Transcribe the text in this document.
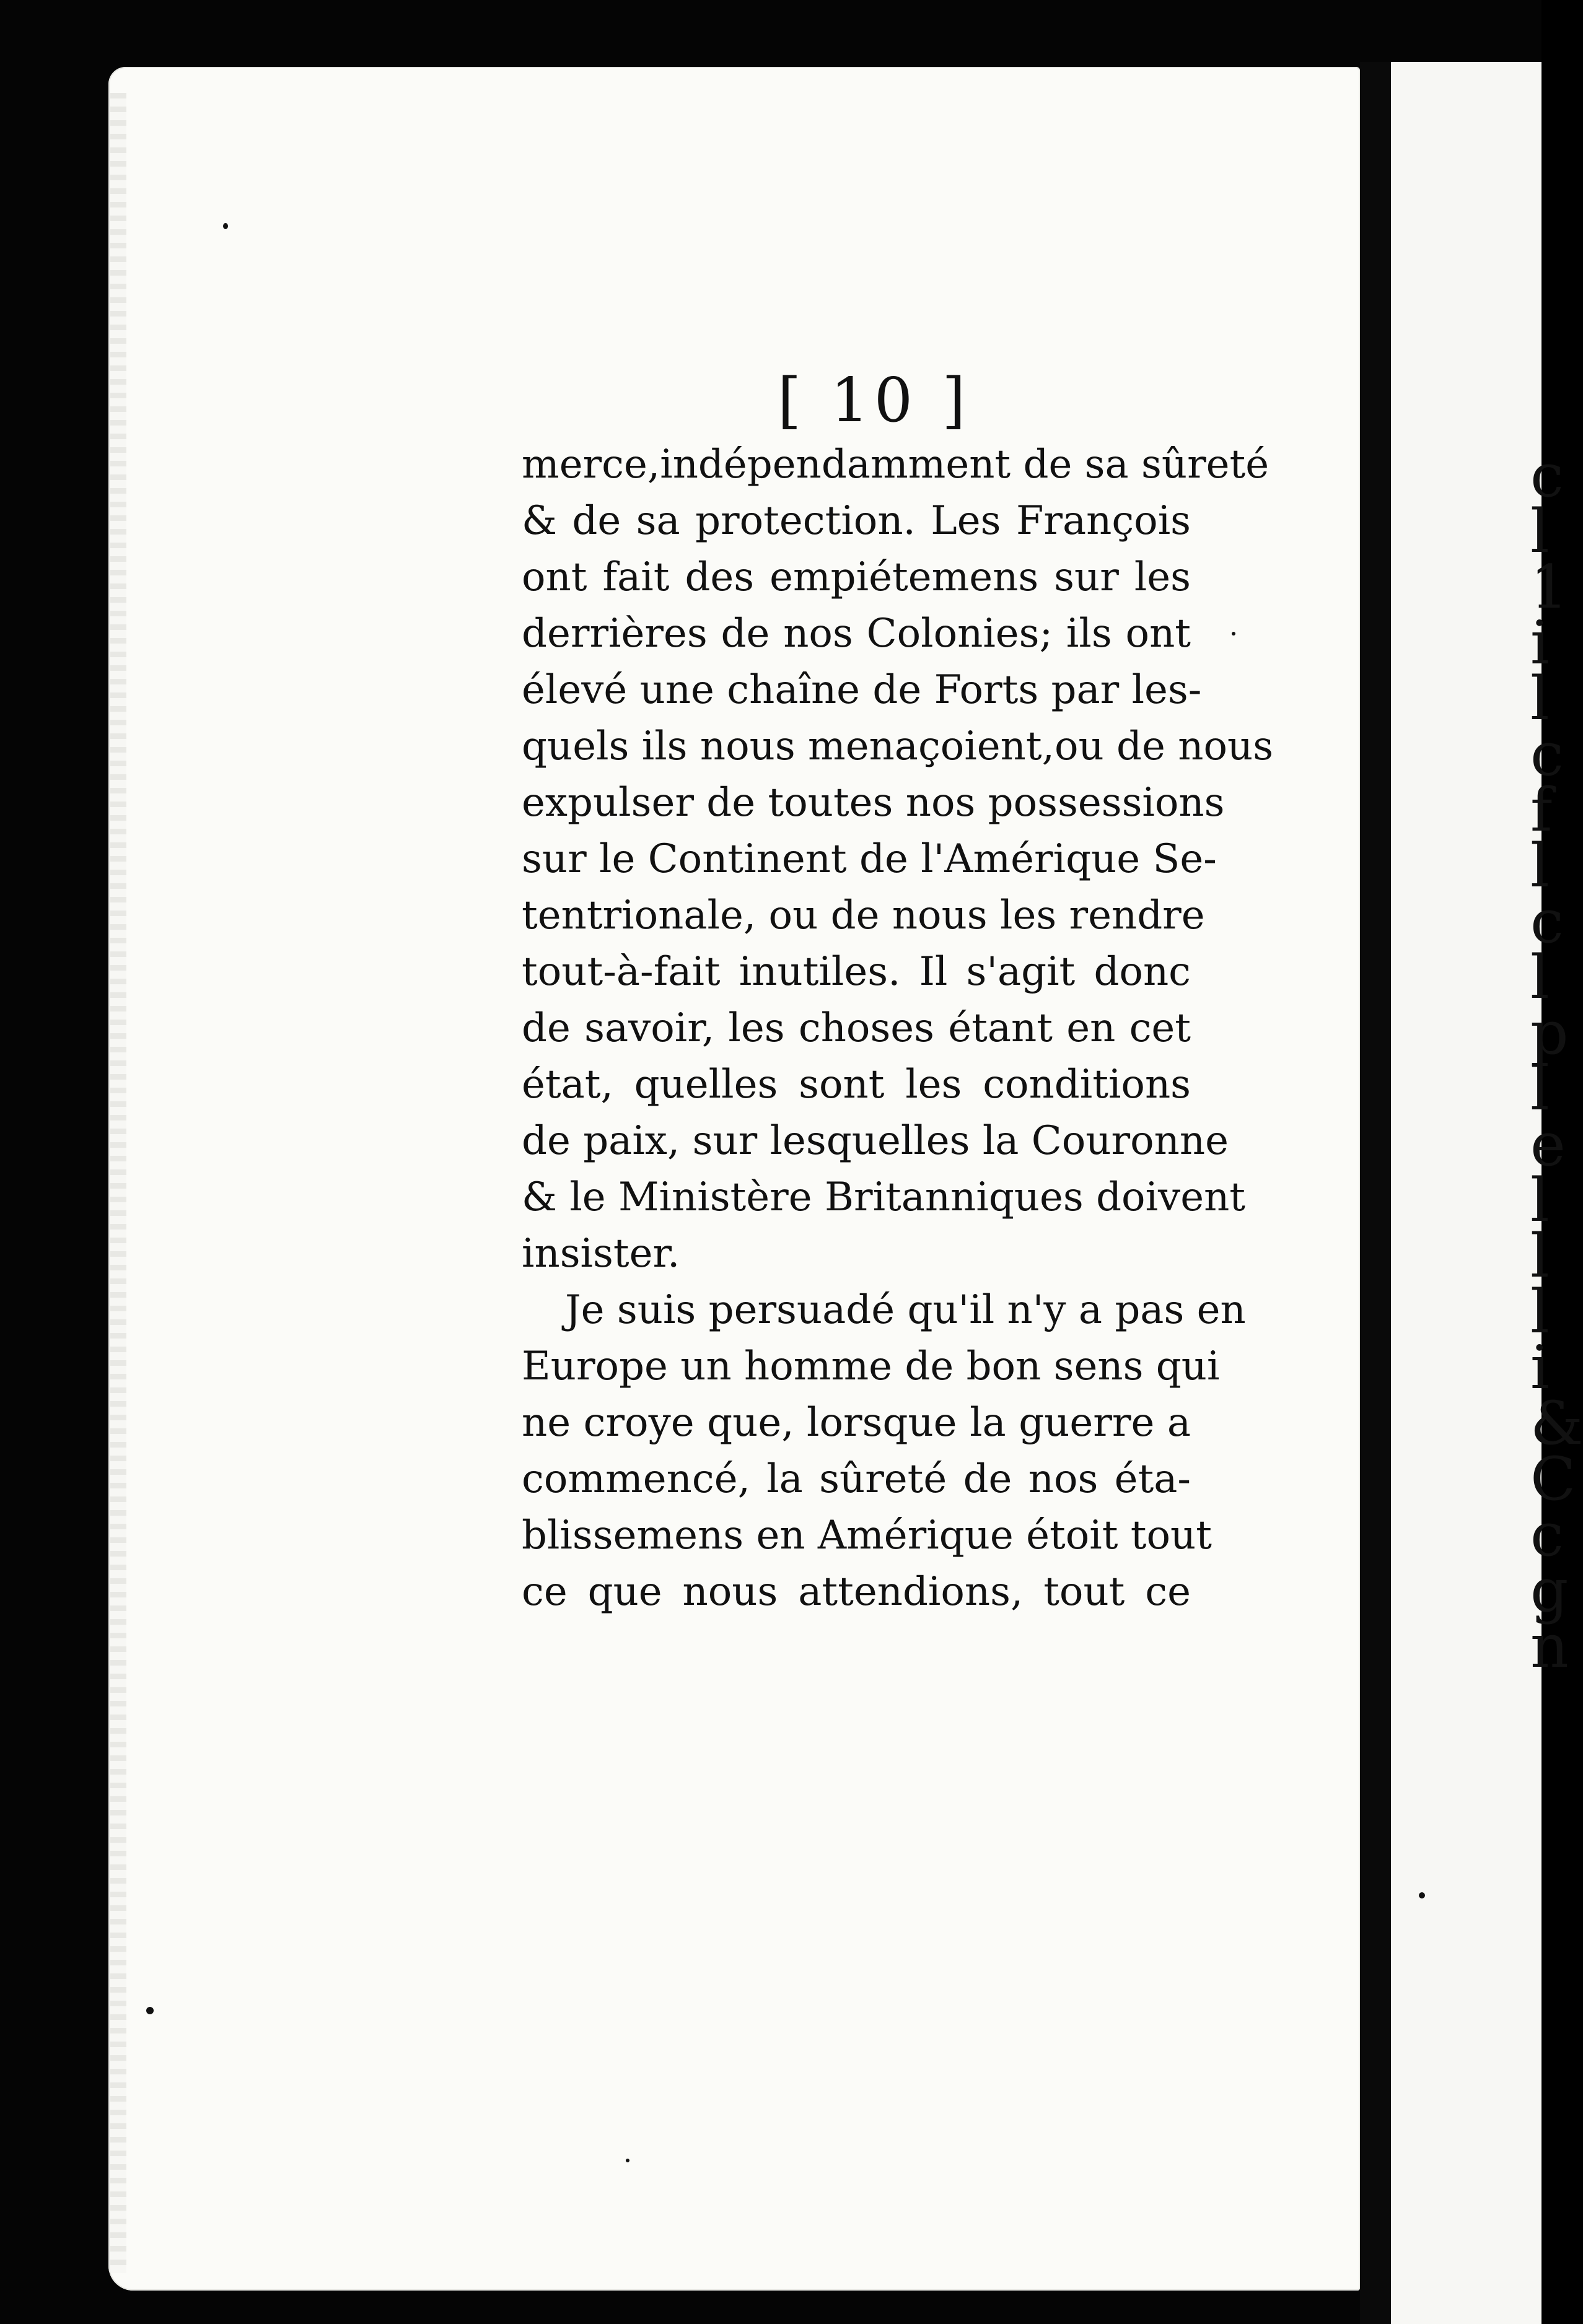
[ 10 ]
merce,indépendamment de sa sûreté
& de sa protection. Les François
ont fait des empiétemens sur les
derrières de nos Colonies; ils ont
élevé une chaîne de Forts par les-
quels ils nous menaçoient,ou de nous
expulser de toutes nos possessions
sur le Continent de l'Amérique Se-
tentrionale, ou de nous les rendre
tout-à-fait inutiles. Il s'agit donc
de savoir, les choses étant en cet
état, quelles sont les conditions
de paix, sur lesquelles la Couronne
& le Ministère Britanniques doivent
insister.
Je suis persuadé qu'il n'y a pas en
Europe un homme de bon sens qui
ne croye que, lorsque la guerre a
commencé, la sûreté de nos éta-
blissemens en Amérique étoit tout
ce que nous attendions, tout ce
c
l
1
i
l
c
f
l
c
l
p
l
e
l
l
l
i
&
C
c
g
n
